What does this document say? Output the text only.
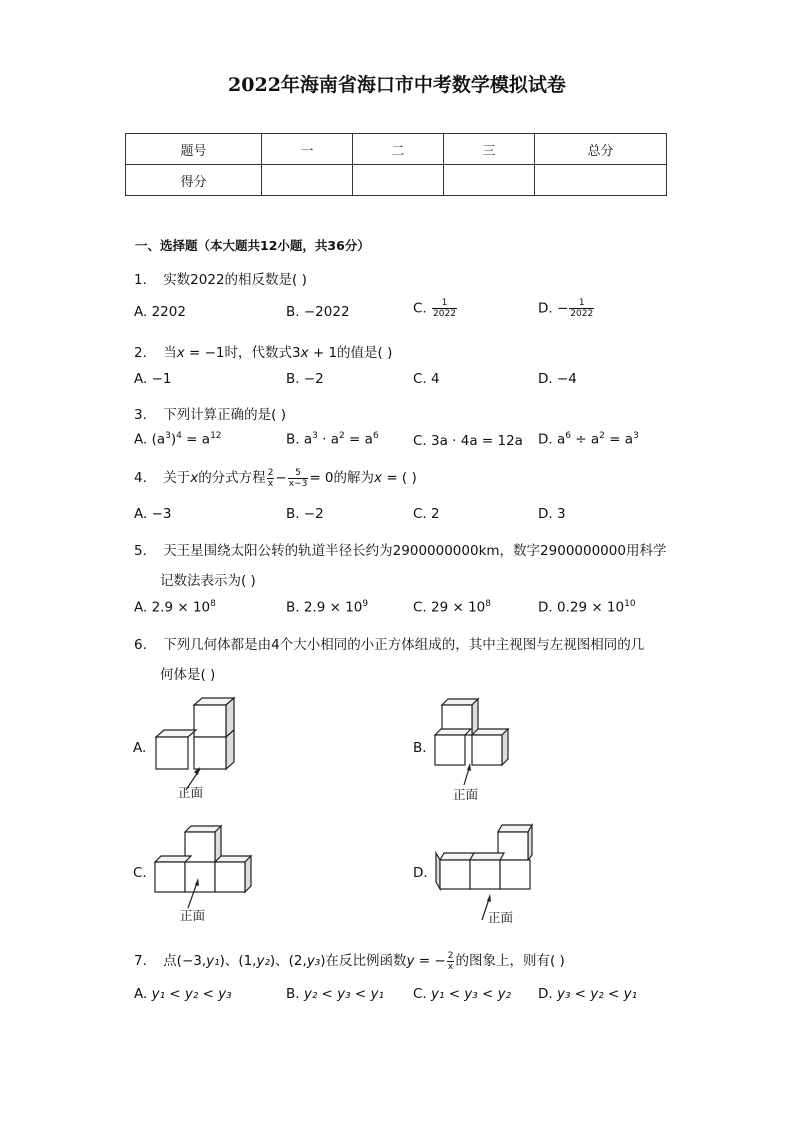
2022年海南省海口市中考数学模拟试卷
题号	一	二	三	总分
得分				
一、选择题（本大题共12小题，共36分）
1. 实数2022的相反数是( )
A. 2202	B. −2022	C. $\frac{1}{2022}$	D. − $\frac{1}{2022}$
2. 当x = −1时，代数式3x + 1的值是( )
A. −1	B. −2	C. 4	D. −4
3. 下列计算正确的是( )
A. $(a^3)^4 = a^{12}$	B. $a^3 \cdot a^2 = a^6$	C. 3a · 4a = 12a D. $a^6 \div a^2 = a^3$
4. 关于x的分式方程 $\frac{2}{x} - \frac{5}{x-3} = 0$的解为x = ( )
A. −3	B. −2	C. 2	D. 3
5. 天王星围绕太阳公转的轨道半径长约为2900000000km，数字2900000000用科学
记数法表示为( )
A. $2.9 \times 10^8$	B. $2.9 \times 10^9$	C. $29 \times 10^8$	D. $0.29 \times 10^{10}$
6. 下列几何体都是由4个大小相同的小正方体组成的，其中主视图与左视图相同的几
何体是( )
A.
正面
B.
正面
C.
正面
D.
正面
7. 点(−3,y₁)、(1,y₂)、(2,y₃)在反比例函数y = − $\frac{2}{x}$ 的图象上，则有( )
A. y₁ < y₂ < y₃	B. y₂ < y₃ < y₁ C. y₁ < y₃ < y₂ D. y₃ < y₂ < y₁
